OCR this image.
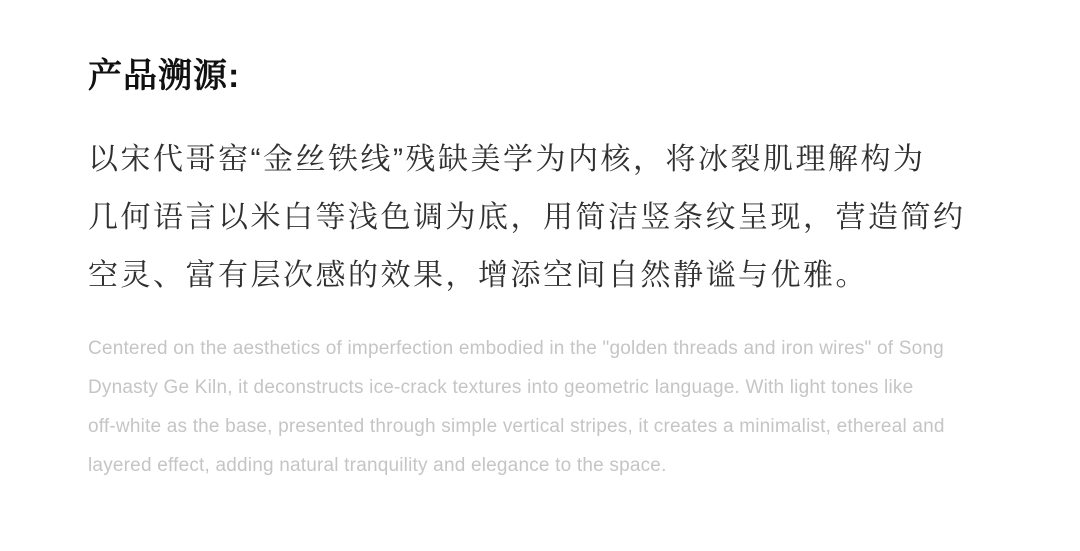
产品溯源:
以宋代哥窑“金丝铁线”残缺美学为内核，将冰裂肌理解构为
几何语言以米白等浅色调为底，用简洁竖条纹呈现，营造简约
空灵、富有层次感的效果，增添空间自然静谧与优雅。
Centered on the aesthetics of imperfection embodied in the "golden threads and iron wires" of Song
Dynasty Ge Kiln, it deconstructs ice-crack textures into geometric language. With light tones like
off-white as the base, presented through simple vertical stripes, it creates a minimalist, ethereal and
layered effect, adding natural tranquility and elegance to the space.
